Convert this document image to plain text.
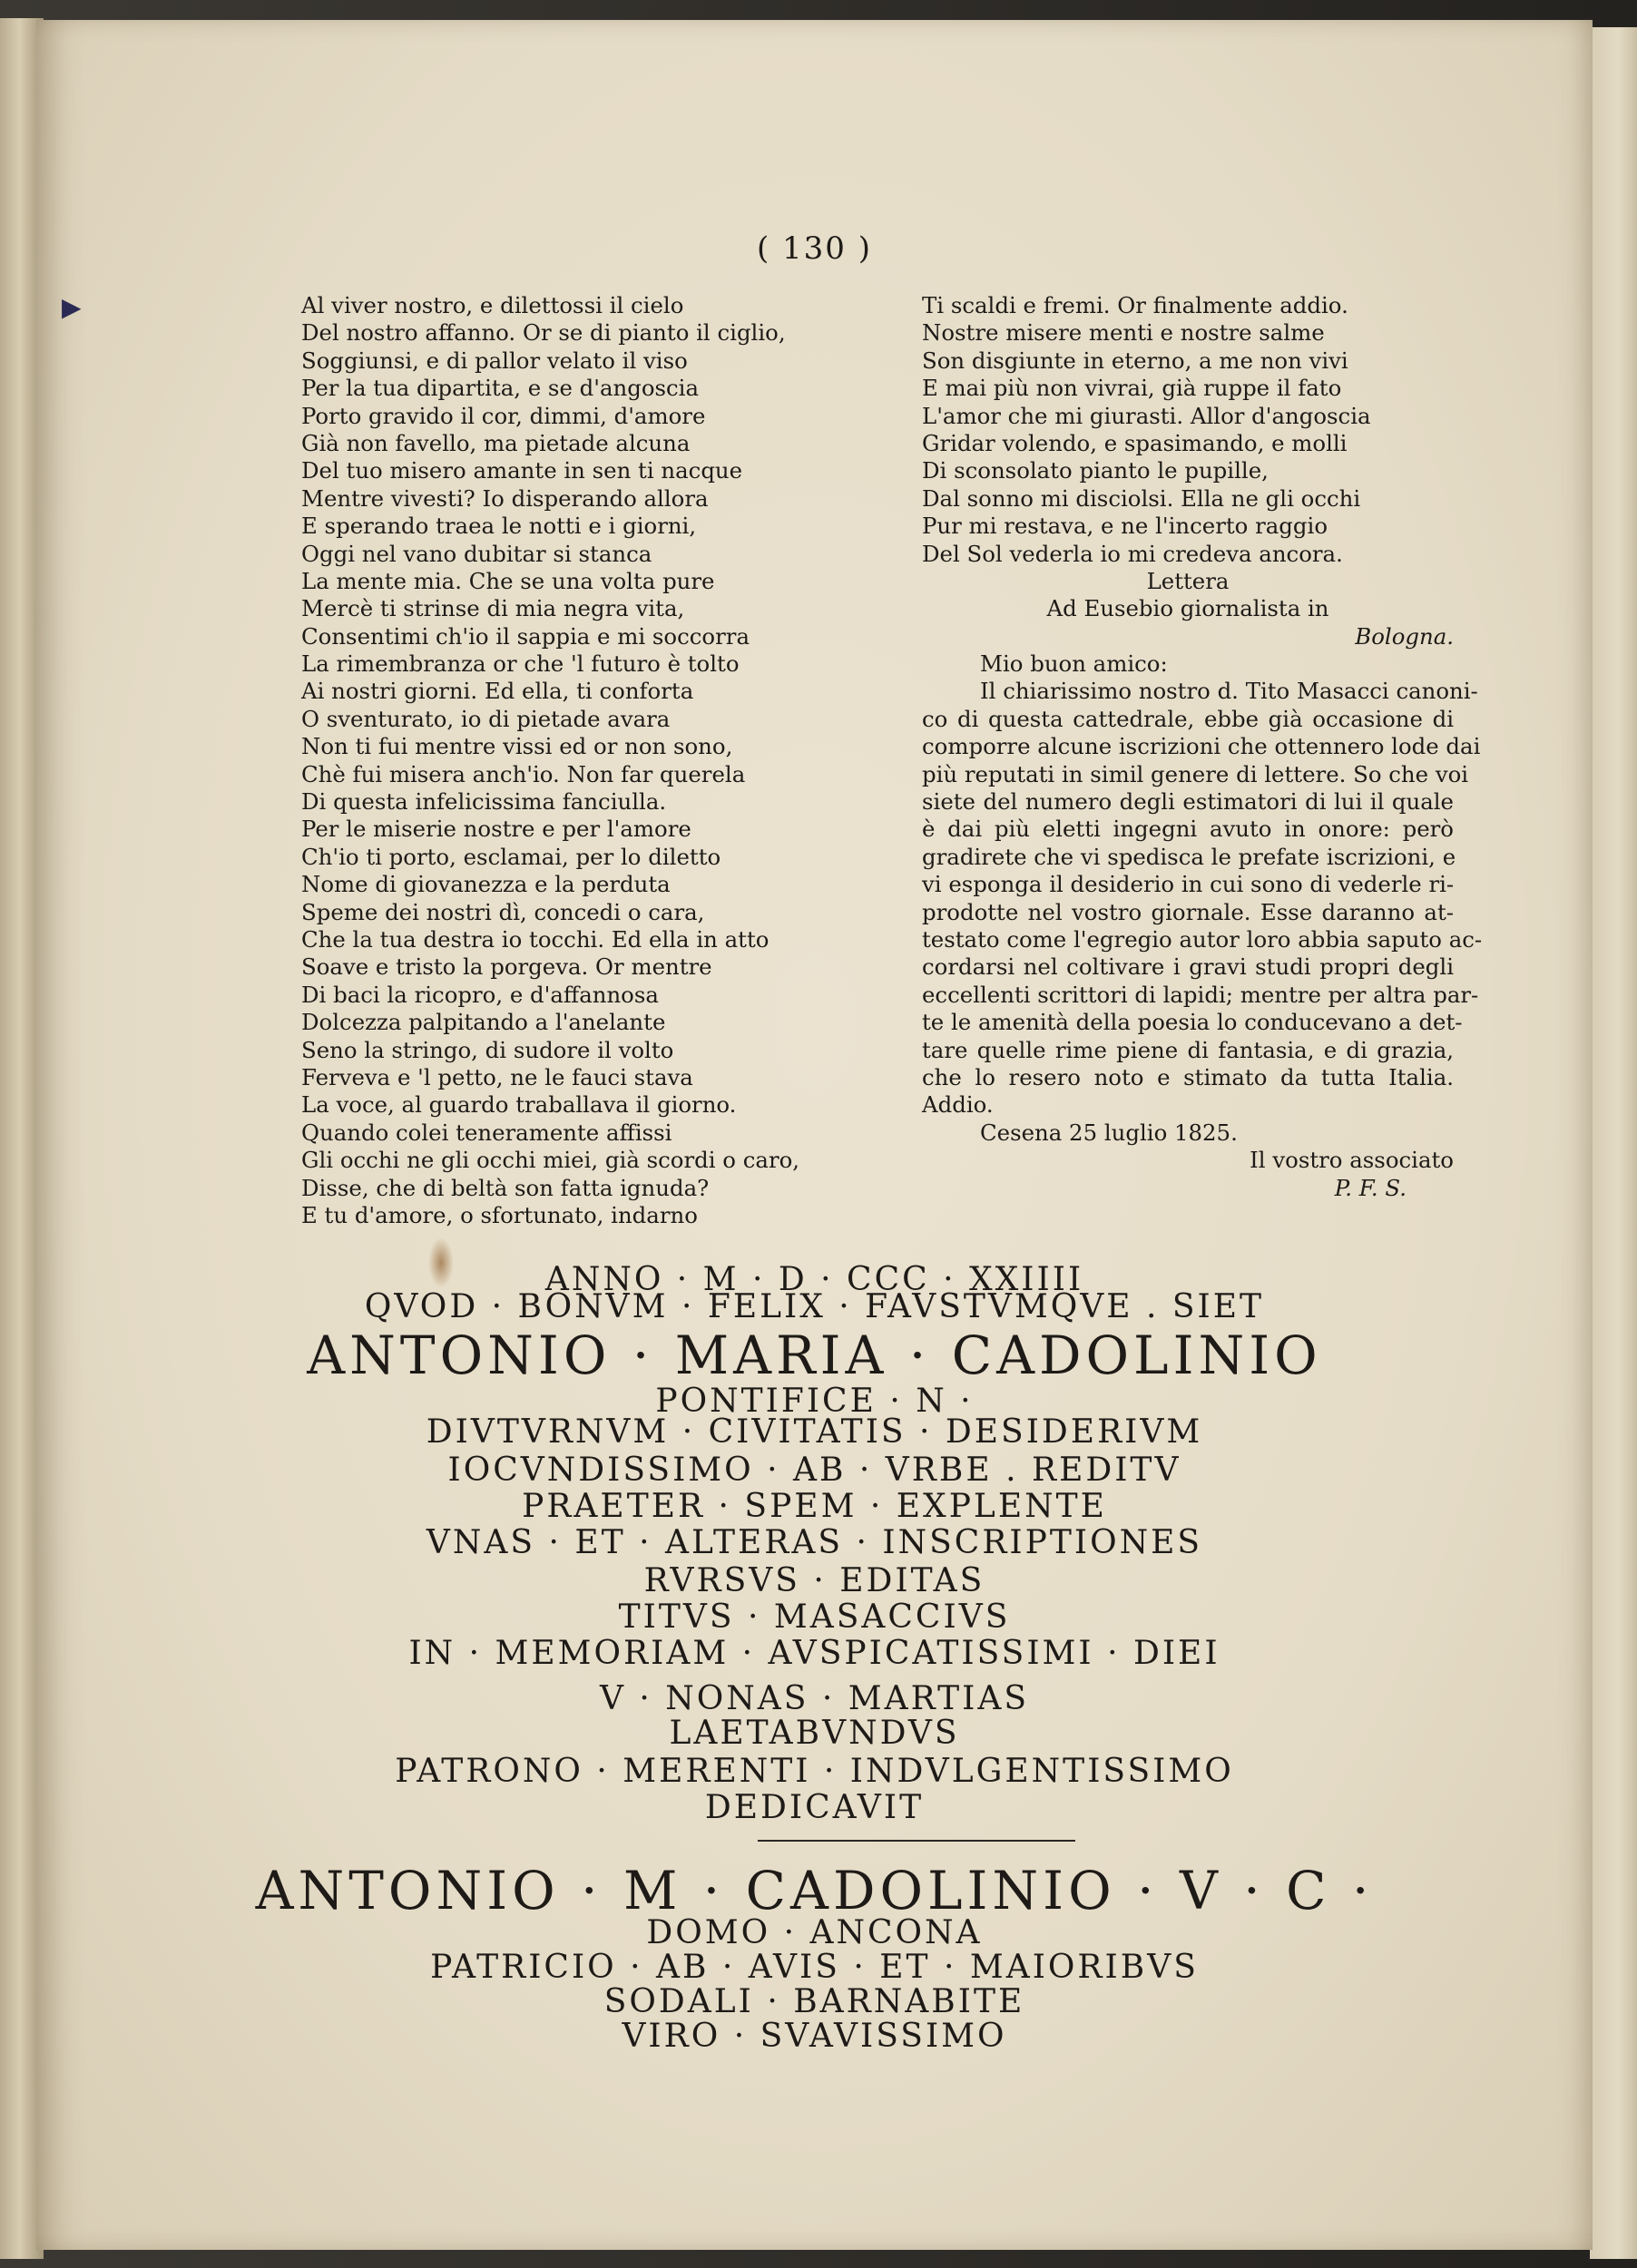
▶
( 130 )
Al viver nostro, e dilettossi il cielo
Del nostro affanno. Or se di pianto il ciglio,
Soggiunsi, e di pallor velato il viso
Per la tua dipartita, e se d'angoscia
Porto gravido il cor, dimmi, d'amore
Già non favello, ma pietade alcuna
Del tuo misero amante in sen ti nacque
Mentre vivesti? Io disperando allora
E sperando traea le notti e i giorni,
Oggi nel vano dubitar si stanca
La mente mia. Che se una volta pure
Mercè ti strinse di mia negra vita,
Consentimi ch'io il sappia e mi soccorra
La rimembranza or che 'l futuro è tolto
Ai nostri giorni. Ed ella, ti conforta
O sventurato, io di pietade avara
Non ti fui mentre vissi ed or non sono,
Chè fui misera anch'io. Non far querela
Di questa infelicissima fanciulla.
Per le miserie nostre e per l'amore
Ch'io ti porto, esclamai, per lo diletto
Nome di giovanezza e la perduta
Speme dei nostri dì, concedi o cara,
Che la tua destra io tocchi. Ed ella in atto
Soave e tristo la porgeva. Or mentre
Di baci la ricopro, e d'affannosa
Dolcezza palpitando a l'anelante
Seno la stringo, di sudore il volto
Ferveva e 'l petto, ne le fauci stava
La voce, al guardo traballava il giorno.
Quando colei teneramente affissi
Gli occhi ne gli occhi miei, già scordi o caro,
Disse, che di beltà son fatta ignuda?
E tu d'amore, o sfortunato, indarno
Ti scaldi e fremi. Or finalmente addio.
Nostre misere menti e nostre salme
Son disgiunte in eterno, a me non vivi
E mai più non vivrai, già ruppe il fato
L'amor che mi giurasti. Allor d'angoscia
Gridar volendo, e spasimando, e molli
Di sconsolato pianto le pupille,
Dal sonno mi disciolsi. Ella ne gli occhi
Pur mi restava, e ne l'incerto raggio
Del Sol vederla io mi credeva ancora.
Lettera
Ad Eusebio giornalista in
Bologna.
Mio buon amico:
Il chiarissimo nostro d. Tito Masacci canoni-
co di questa cattedrale, ebbe già occasione di
comporre alcune iscrizioni che ottennero lode dai
più reputati in simil genere di lettere. So che voi
siete del numero degli estimatori di lui il quale
è dai più eletti ingegni avuto in onore: però
gradirete che vi spedisca le prefate iscrizioni, e
vi esponga il desiderio in cui sono di vederle ri-
prodotte nel vostro giornale. Esse daranno at-
testato come l'egregio autor loro abbia saputo ac-
cordarsi nel coltivare i gravi studi propri degli
eccellenti scrittori di lapidi; mentre per altra par-
te le amenità della poesia lo conducevano a det-
tare quelle rime piene di fantasia, e di grazia,
che lo resero noto e stimato da tutta Italia.
Addio.
Cesena 25 luglio 1825.
Il vostro associato
P. F. S.
ANNO · M · D · CCC · XXIIII
QVOD · BONVM · FELIX · FAVSTVMQVE . SIET
ANTONIO · MARIA · CADOLINIO
PONTIFICE · N ·
DIVTVRNVM · CIVITATIS · DESIDERIVM
IOCVNDISSIMO · AB · VRBE . REDITV
PRAETER · SPEM · EXPLENTE
VNAS · ET · ALTERAS · INSCRIPTIONES
RVRSVS · EDITAS
TITVS · MASACCIVS
IN · MEMORIAM · AVSPICATISSIMI · DIEI
V · NONAS · MARTIAS
LAETABVNDVS
PATRONO · MERENTI · INDVLGENTISSIMO
DEDICAVIT
ANTONIO · M · CADOLINIO · V · C ·
DOMO · ANCONA
PATRICIO · AB · AVIS · ET · MAIORIBVS
SODALI · BARNABITE
VIRO · SVAVISSIMO
